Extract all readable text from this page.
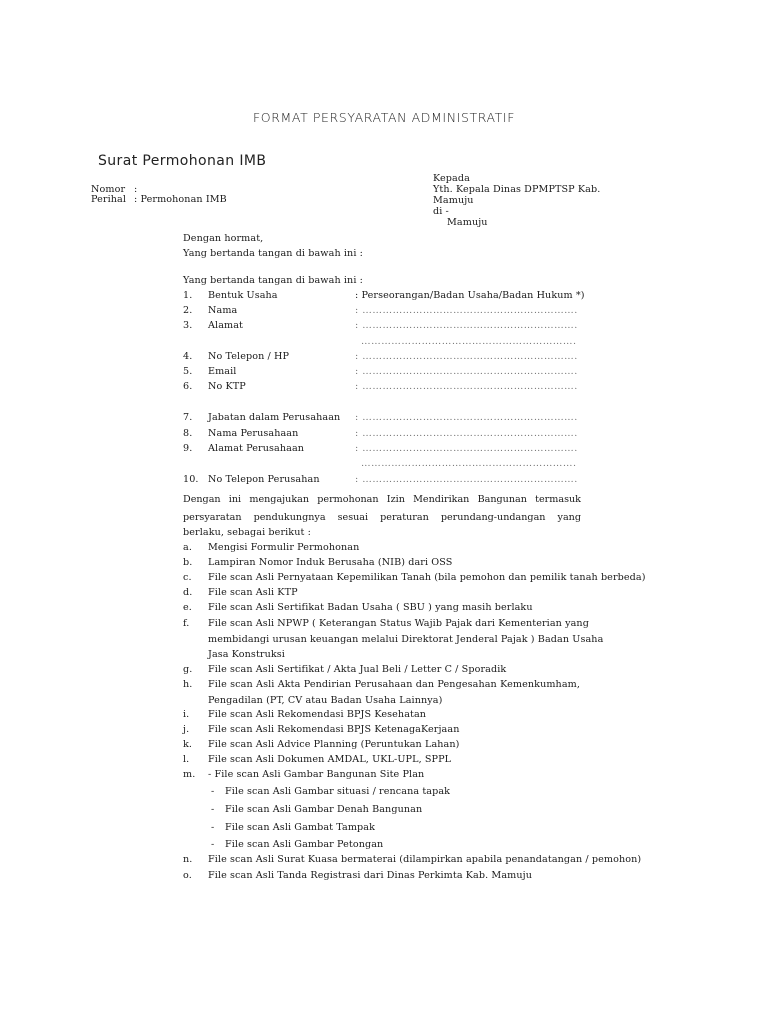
FORMAT PERSYARATAN ADMINISTRATIF
Surat Permohonan IMB
Nomor :
Perihal : Permohonan IMB
Kepada
Yth. Kepala Dinas DPMPTSP Kab.
Mamuju
di -
Mamuju
Dengan hormat,
Yang bertanda tangan di bawah ini :
Yang bertanda tangan di bawah ini :
1. Bentuk Usaha	: Perseorangan/Badan Usaha/Badan Hukum *)
2. Nama	: ……………………………………………………….
3. Alamat	: ……………………………………………………….
……………………………………………………….
4. No Telepon / HP	: ……………………………………………………….
5. Email	: ……………………………………………………….
6. No KTP	: ……………………………………………………….
7. Jabatan dalam Perusahaan : ……………………………………………………….
8. Nama Perusahaan	: ……………………………………………………….
9. Alamat Perusahaan	: ……………………………………………………….
……………………………………………………….
10. No Telepon Perusahan	: ……………………………………………………….
Dengan ini mengajukan permohonan Izin Mendirikan Bangunan termasuk
persyaratan pendukungnya sesuai peraturan perundang-undangan yang
berlaku, sebagai berikut :
a. Mengisi Formulir Permohonan
b. Lampiran Nomor Induk Berusaha (NIB) dari OSS
c. File scan Asli Pernyataan Kepemilikan Tanah (bila pemohon dan pemilik tanah berbeda)
d. File scan Asli KTP
e. File scan Asli Sertifikat Badan Usaha ( SBU ) yang masih berlaku
f. File scan Asli NPWP ( Keterangan Status Wajib Pajak dari Kementerian yang
membidangi urusan keuangan melalui Direktorat Jenderal Pajak ) Badan Usaha
Jasa Konstruksi
g. File scan Asli Sertifikat / Akta Jual Beli / Letter C / Sporadik
h. File scan Asli Akta Pendirian Perusahaan dan Pengesahan Kemenkumham,
Pengadilan (PT, CV atau Badan Usaha Lainnya)
i. File scan Asli Rekomendasi BPJS Kesehatan
j. File scan Asli Rekomendasi BPJS KetenagaKerjaan
k. File scan Asli Advice Planning (Peruntukan Lahan)
l. File scan Asli Dokumen AMDAL, UKL-UPL, SPPL
m. - File scan Asli Gambar Bangunan Site Plan
n. File scan Asli Surat Kuasa bermaterai (dilampirkan apabila penandatangan / pemohon)
o. File scan Asli Tanda Registrasi dari Dinas Perkimta Kab. Mamuju
- File scan Asli Gambar situasi / rencana tapak
- File scan Asli Gambar Denah Bangunan
- File scan Asli Gambat Tampak
- File scan Asli Gambar Petongan
